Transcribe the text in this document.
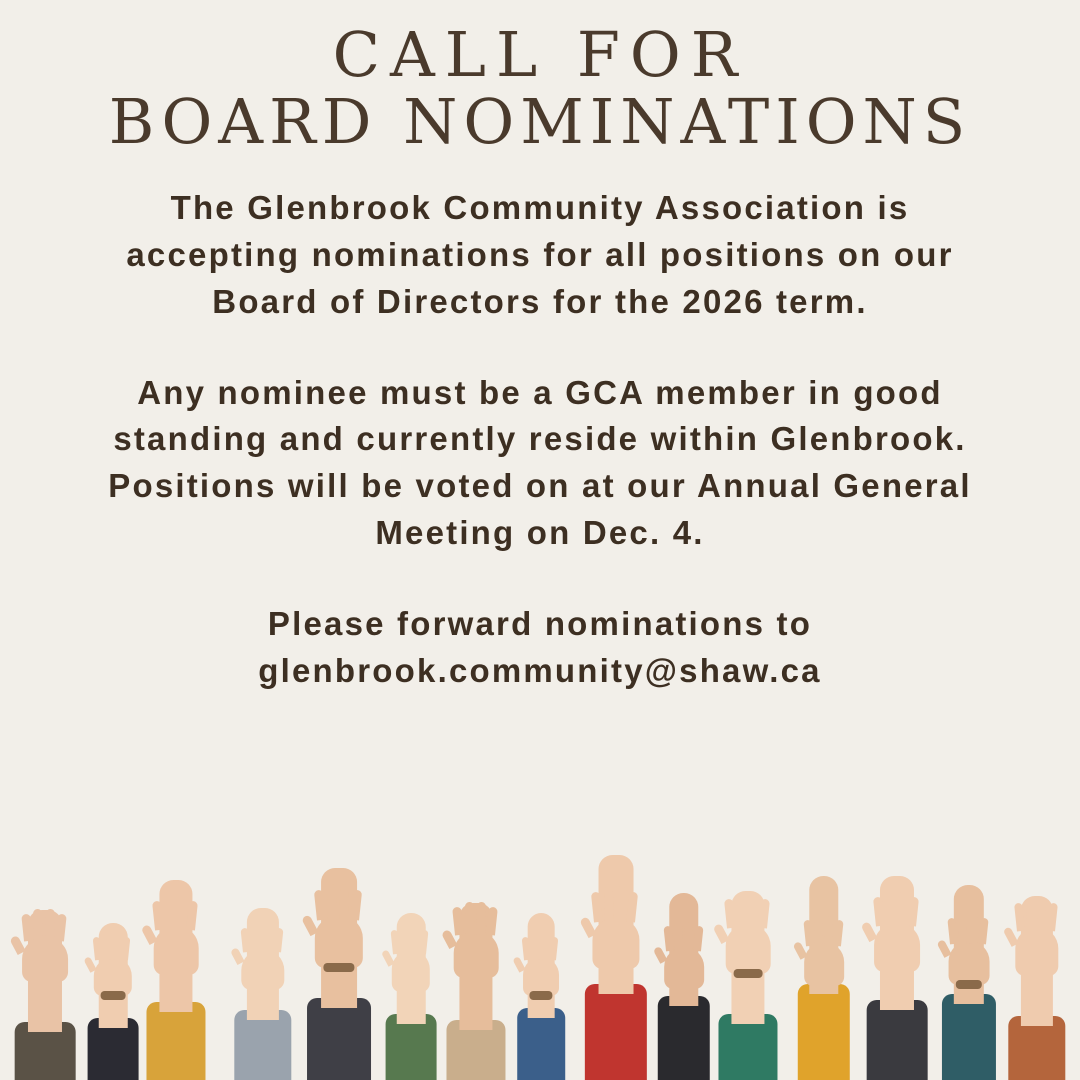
CALL FOR
BOARD NOMINATIONS

The Glenbrook Community Association is accepting nominations for all positions on our Board of Directors for the 2026 term.

Any nominee must be a GCA member in good standing and currently reside within Glenbrook. Positions will be voted on at our Annual General Meeting on Dec. 4.

Please forward nominations to glenbrook.community@shaw.ca
